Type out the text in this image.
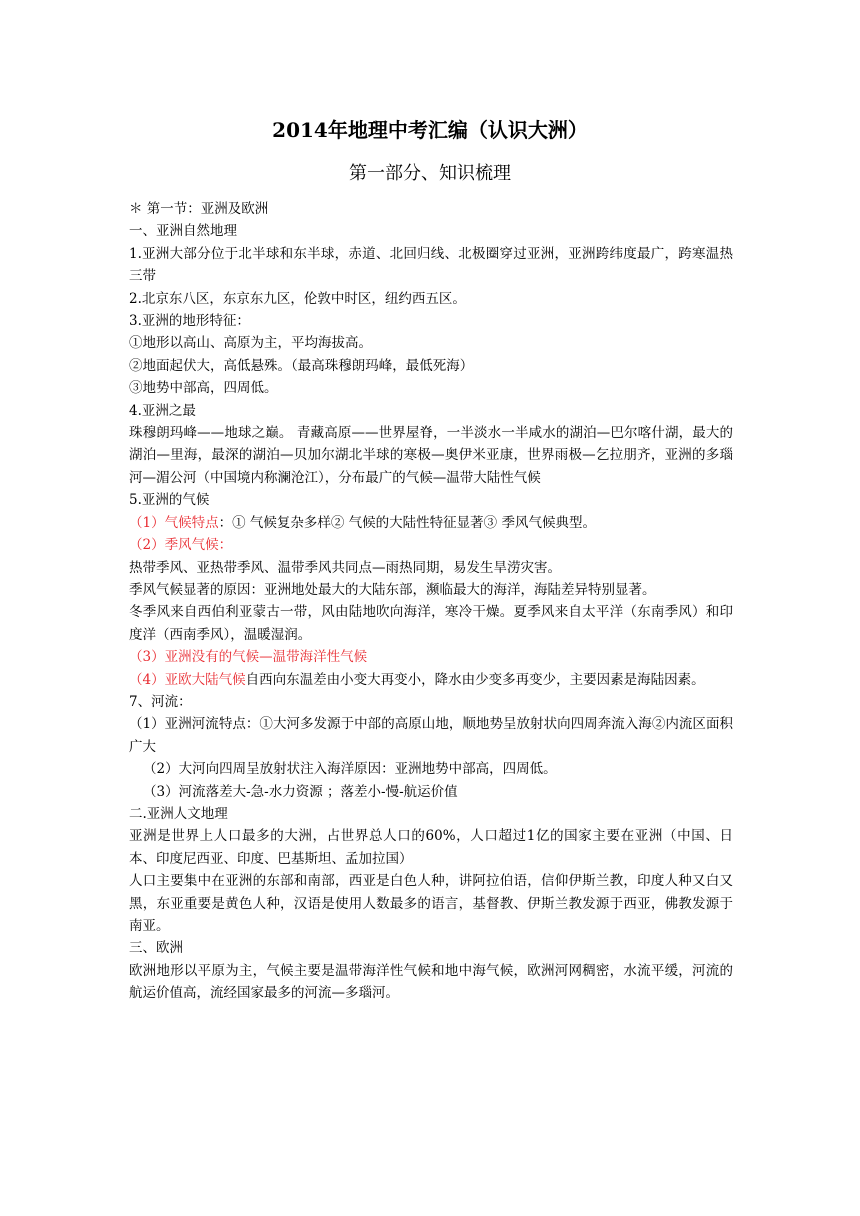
2014年地理中考汇编（认识大洲）
第一部分、知识梳理

＊ 第一节：亚洲及欧洲

一、亚洲自然地理

1.亚洲大部分位于北半球和东半球，赤道、北回归线、北极圈穿过亚洲，亚洲跨纬度最广，跨寒温热三带

2.北京东八区，东京东九区，伦敦中时区，纽约西五区。

3.亚洲的地形特征：

①地形以高山、高原为主，平均海拔高。

②地面起伏大，高低悬殊。（最高珠穆朗玛峰，最低死海）

③地势中部高，四周低。

4.亚洲之最

珠穆朗玛峰——地球之巅。 青藏高原——世界屋脊，一半淡水一半咸水的湖泊—巴尔喀什湖，最大的湖泊—里海，最深的湖泊—贝加尔湖北半球的寒极—奥伊米亚康，世界雨极—乞拉朋齐，亚洲的多瑙河—湄公河（中国境内称澜沧江），分布最广的气候—温带大陆性气候

5.亚洲的气候

（1）气候特点：① 气候复杂多样② 气候的大陆性特征显著③ 季风气候典型。

（2）季风气候：

热带季风、亚热带季风、温带季风共同点—雨热同期，易发生旱涝灾害。

季风气候显著的原因：亚洲地处最大的大陆东部，濒临最大的海洋，海陆差异特别显著。

冬季风来自西伯利亚蒙古一带，风由陆地吹向海洋，寒冷干燥。夏季风来自太平洋（东南季风）和印度洋（西南季风），温暖湿润。

（3）亚洲没有的气候—温带海洋性气候

（4）亚欧大陆气候自西向东温差由小变大再变小，降水由少变多再变少，主要因素是海陆因素。

7、河流：

（1）亚洲河流特点：①大河多发源于中部的高原山地，顺地势呈放射状向四周奔流入海②内流区面积广大

（2）大河向四周呈放射状注入海洋原因：亚洲地势中部高，四周低。

（3）河流落差大-急-水力资源 ；落差小-慢-航运价值

二.亚洲人文地理

亚洲是世界上人口最多的大洲，占世界总人口的60%，人口超过1亿的国家主要在亚洲（中国、日本、印度尼西亚、印度、巴基斯坦、孟加拉国）

人口主要集中在亚洲的东部和南部，西亚是白色人种，讲阿拉伯语，信仰伊斯兰教，印度人种又白又黑，东亚重要是黄色人种，汉语是使用人数最多的语言，基督教、伊斯兰教发源于西亚，佛教发源于南亚。

三、欧洲

欧洲地形以平原为主，气候主要是温带海洋性气候和地中海气候，欧洲河网稠密，水流平缓，河流的航运价值高，流经国家最多的河流—多瑙河。
